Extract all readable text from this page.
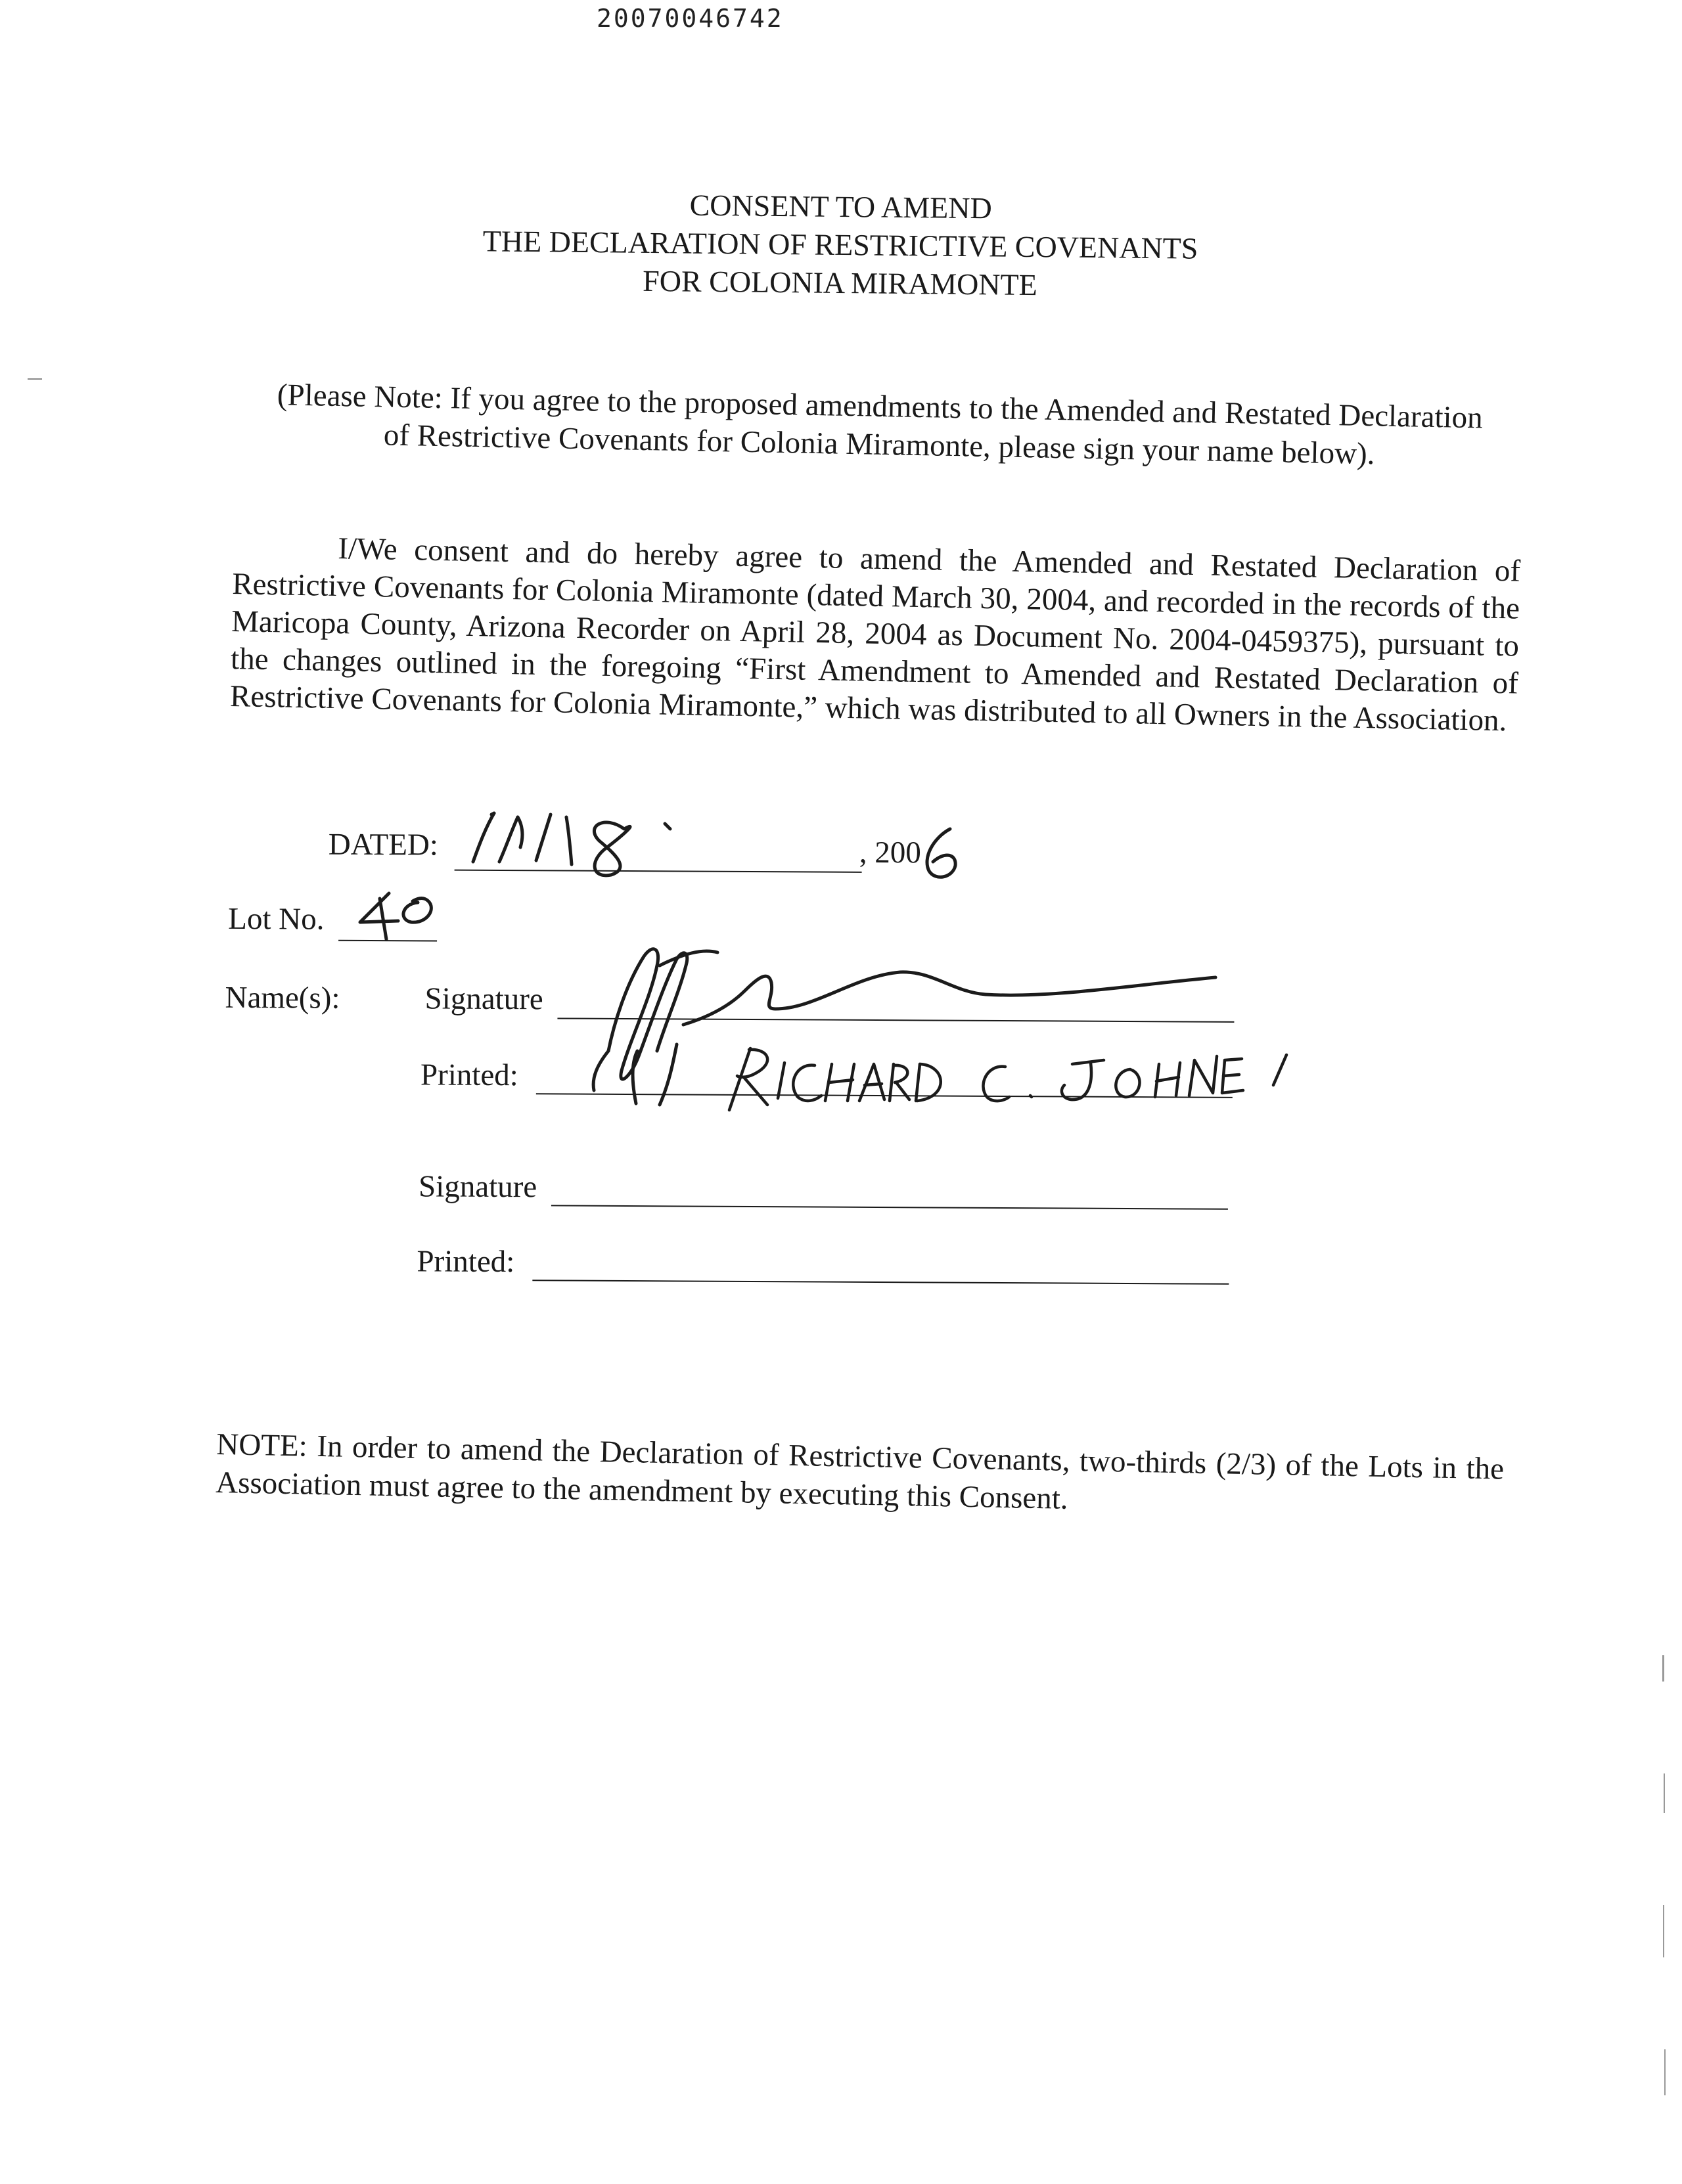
20070046742
CONSENT TO AMEND
THE DECLARATION OF RESTRICTIVE COVENANTS
FOR COLONIA MIRAMONTE
(Please Note: If you agree to the proposed amendments to the Amended and Restated Declaration of Restrictive Covenants for Colonia Miramonte, please sign your name below).
I/We consent and do hereby agree to amend the Amended and Restated Declaration of Restrictive Covenants for Colonia Miramonte (dated March 30, 2004, and recorded in the records of the Maricopa County, Arizona Recorder on April 28, 2004 as Document No. 2004-0459375), pursuant to the changes outlined in the foregoing “First Amendment to Amended and Restated Declaration of Restrictive Covenants for Colonia Miramonte,” which was distributed to all Owners in the Association.
DATED:	, 200
Lot No.
Name(s):	Signature
Printed:
Signature
Printed:
NOTE: In order to amend the Declaration of Restrictive Covenants, two-thirds (2/3) of the Lots in the Association must agree to the amendment by executing this Consent.
